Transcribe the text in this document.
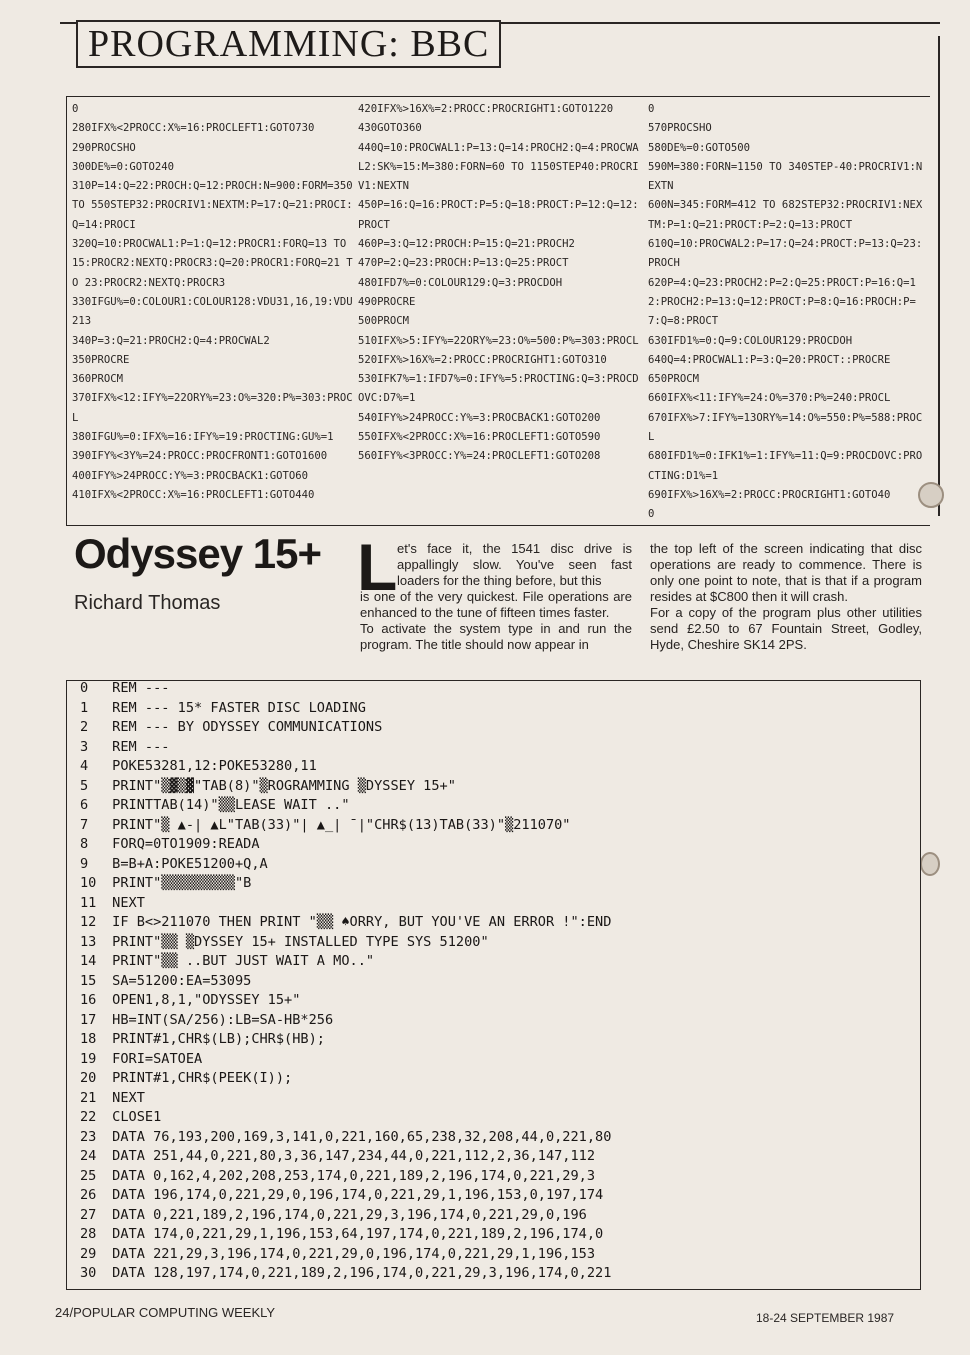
PROGRAMMING: BBC
0
280IFX%<2PROCC:X%=16:PROCLEFT1:GOTO730
290PROCSHO
300DE%=0:GOTO240
310P=14:Q=22:PROCH:Q=12:PROCH:N=900:FORM=350 TO 550STEP32:PROCRIV1:NEXTM:P=17:Q=21:PROCI:Q=14:PROCI
320Q=10:PROCWAL1:P=1:Q=12:PROCR1:FORQ=13 TO 15:PROCR2:NEXTQ:PROCR3:Q=20:PROCR1:FORQ=21 TO 23:PROCR2:NEXTQ:PROCR3
330IFGU%=0:COLOUR1:COLOUR128:VDU31,16,19:VDU213
340P=3:Q=21:PROCH2:Q=4:PROCWAL2
350PROCRE
360PROCM
370IFX%<12:IFY%=22ORY%=23:O%=320:P%=303:PROCL
380IFGU%=0:IFX%=16:IFY%=19:PROCTING:GU%=1
390IFY%<3Y%=24:PROCC:PROCFRONT1:GOTO1600
400IFY%>24PROCC:Y%=3:PROCBACK1:GOTO60
410IFX%<2PROCC:X%=16:PROCLEFT1:GOTO440
420IFX%>16X%=2:PROCC:PROCRIGHT1:GOTO1220
430GOTO360
440Q=10:PROCWAL1:P=13:Q=14:PROCH2:Q=4:PROCWAL2:SK%=15:M=380:FORN=60 TO 1150STEP40:PROCRIV1:NEXTN
450P=16:Q=16:PROCT:P=5:Q=18:PROCT:P=12:Q=12:PROCT
460P=3:Q=12:PROCH:P=15:Q=21:PROCH2
470P=2:Q=23:PROCH:P=13:Q=25:PROCT
480IFD7%=0:COLOUR129:Q=3:PROCDOH
490PROCRE
500PROCM
510IFX%>5:IFY%=22ORY%=23:O%=500:P%=303:PROCL
520IFX%>16X%=2:PROCC:PROCRIGHT1:GOTO310
530IFK7%=1:IFD7%=0:IFY%=5:PROCTING:Q=3:PROCDOVC:D7%=1
540IFY%>24PROCC:Y%=3:PROCBACK1:GOTO200
550IFX%<2PROCC:X%=16:PROCLEFT1:GOTO590
560IFY%<3PROCC:Y%=24:PROCLEFT1:GOTO208
0
570PROCSHO
580DE%=0:GOTO500
590M=380:FORN=1150 TO 340STEP-40:PROCRIV1:NEXTN
600N=345:FORM=412 TO 682STEP32:PROCRIV1:NEXTM:P=1:Q=21:PROCT:P=2:Q=13:PROCT
610Q=10:PROCWAL2:P=17:Q=24:PROCT:P=13:Q=23:PROCH
620P=4:Q=23:PROCH2:P=2:Q=25:PROCT:P=16:Q=12:PROCH2:P=13:Q=12:PROCT:P=8:Q=16:PROCH:P=7:Q=8:PROCT
630IFD1%=0:Q=9:COLOUR129:PROCDOH
640Q=4:PROCWAL1:P=3:Q=20:PROCT::PROCRE
650PROCM
660IFX%<11:IFY%=24:O%=370:P%=240:PROCL
670IFX%>7:IFY%=13ORY%=14:O%=550:P%=588:PROCL
680IFD1%=0:IFK1%=1:IFY%=11:Q=9:PROCDOVC:PROCTING:D1%=1
690IFX%>16X%=2:PROCC:PROCRIGHT1:GOTO40
0
Odyssey 15+
Richard Thomas L et's face it, the 1541 disc drive is appallingly slow. You've seen fast loaders for the thing before, but this

is one of the very quickest. File operations are enhanced to the tune of fifteen times faster.
To activate the system type in and run the program. The title should now appear in

the top left of the screen indicating that disc operations are ready to commence. There is only one point to note, that is that if a program resides at $C800 then it will crash.
For a copy of the program plus other utilities send £2.50 to 67 Fountain Street, Godley, Hyde, Cheshire SK14 2PS.

0 REM ---
1 REM --- 15* FASTER DISC LOADING
2 REM --- BY ODYSSEY COMMUNICATIONS
3 REM ---
4 POKE53281,12:POKE53280,11
5 PRINT"▒▓▒▓"TAB(8)"▒ROGRAMMING ▒DYSSEY 15+"
6 PRINTTAB(14)"▒▒LEASE WAIT .."
7 PRINT"▒ ▲-| ▲L"TAB(33)"| ▲_| ¯|"CHR$(13)TAB(33)"▒211070"
8 FORQ=0TO1909:READA
9 B=B+A:POKE51200+Q,A
10 PRINT"▒▒▒▒▒▒▒▒▒"B
11 NEXT
12 IF B<>211070 THEN PRINT "▒▒ ♠ORRY, BUT YOU'VE AN ERROR !":END
13 PRINT"▒▒ ▒DYSSEY 15+ INSTALLED TYPE SYS 51200"
14 PRINT"▒▒ ..BUT JUST WAIT A MO.."
15 SA=51200:EA=53095
16 OPEN1,8,1,"ODYSSEY 15+"
17 HB=INT(SA/256):LB=SA-HB*256
18 PRINT#1,CHR$(LB);CHR$(HB);
19 FORI=SATOEA
20 PRINT#1,CHR$(PEEK(I));
21 NEXT
22 CLOSE1
23 DATA 76,193,200,169,3,141,0,221,160,65,238,32,208,44,0,221,80
24 DATA 251,44,0,221,80,3,36,147,234,44,0,221,112,2,36,147,112
25 DATA 0,162,4,202,208,253,174,0,221,189,2,196,174,0,221,29,3
26 DATA 196,174,0,221,29,0,196,174,0,221,29,1,196,153,0,197,174
27 DATA 0,221,189,2,196,174,0,221,29,3,196,174,0,221,29,0,196
28 DATA 174,0,221,29,1,196,153,64,197,174,0,221,189,2,196,174,0
29 DATA 221,29,3,196,174,0,221,29,0,196,174,0,221,29,1,196,153
30 DATA 128,197,174,0,221,189,2,196,174,0,221,29,3,196,174,0,221
24/POPULAR COMPUTING WEEKLY	18-24 SEPTEMBER 1987
